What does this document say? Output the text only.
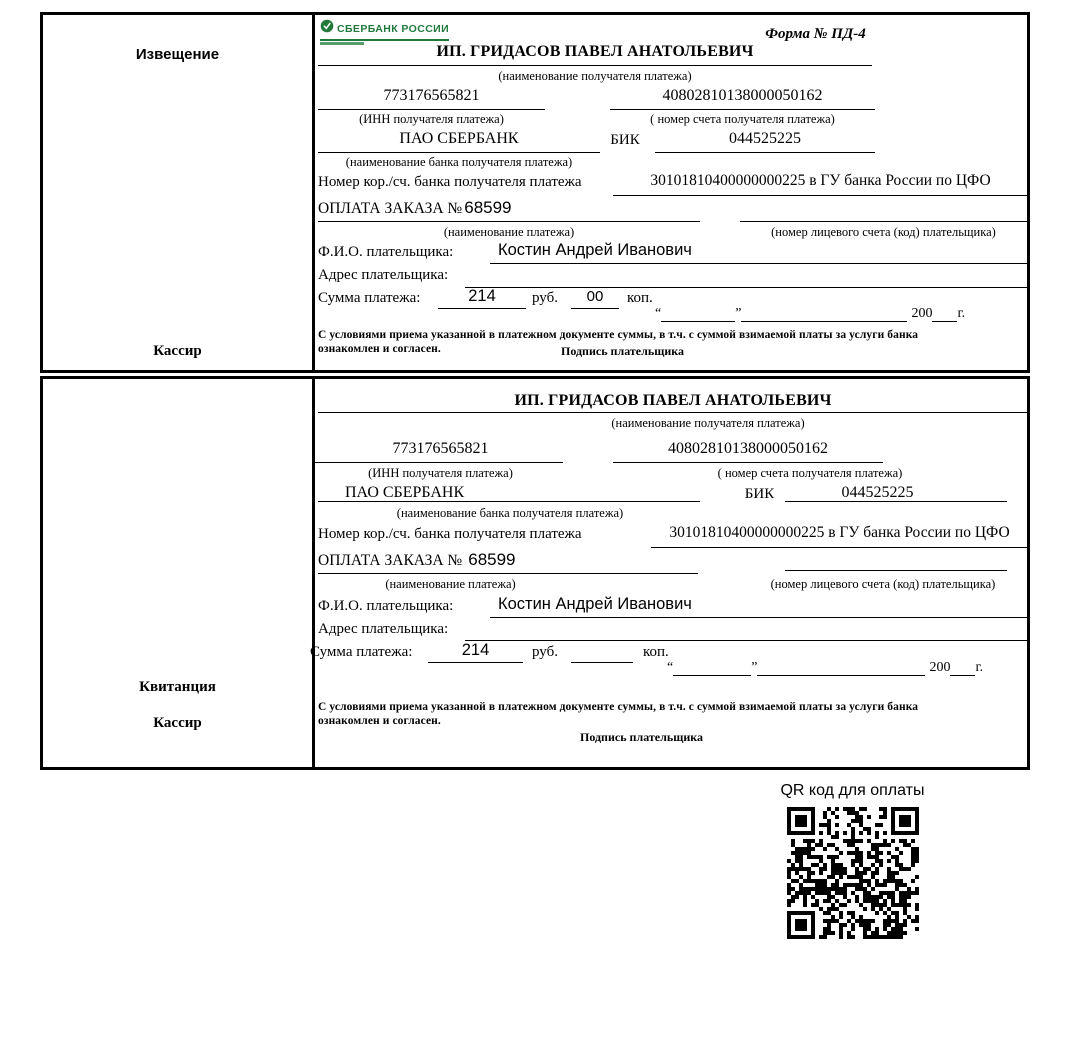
Извещение
Кассир
СБЕРБАНК РОССИИ	Форма № ПД-4
ИП. ГРИДАСОВ ПАВЕЛ АНАТОЛЬЕВИЧ
(наименование получателя платежа)
773176565821	40802810138000050162
(ИНН получателя платежа)	( номер счета получателя платежа)
ПАО СБЕРБАНК	БИК	044525225
(наименование банка получателя платежа)
Номер кор./сч. банка получателя платежа	30101810400000000225 в ГУ банка России по ЦФО
ОПЛАТА ЗАКАЗА № 68599
(наименование платежа)	(номер лицевого счета (код) плательщика)
Ф.И.О. плательщика:	Костин Андрей Иванович
Адрес плательщика:
Сумма платежа:	214	руб.	00	коп.
“	”	200 г.
С условиями приема указанной в платежном документе суммы, в т.ч. с суммой взимаемой платы за услуги банка
ознакомлен и согласен.	Подпись плательщика
Квитанция
Кассир
ИП. ГРИДАСОВ ПАВЕЛ АНАТОЛЬЕВИЧ
(наименование получателя платежа)
773176565821	40802810138000050162
(ИНН получателя платежа)	( номер счета получателя платежа)
ПАО СБЕРБАНК	БИК	044525225
(наименование банка получателя платежа)
Номер кор./сч. банка получателя платежа	30101810400000000225 в ГУ банка России по ЦФО
ОПЛАТА ЗАКАЗА № 68599
(наименование платежа)	(номер лицевого счета (код) плательщика)
Ф.И.О. плательщика:	Костин Андрей Иванович
Адрес плательщика:
Сумма платежа:	214	руб.	коп.
“	”	200 г.
С условиями приема указанной в платежном документе суммы, в т.ч. с суммой взимаемой платы за услуги банка
ознакомлен и согласен.
Подпись плательщика
QR код для оплаты
